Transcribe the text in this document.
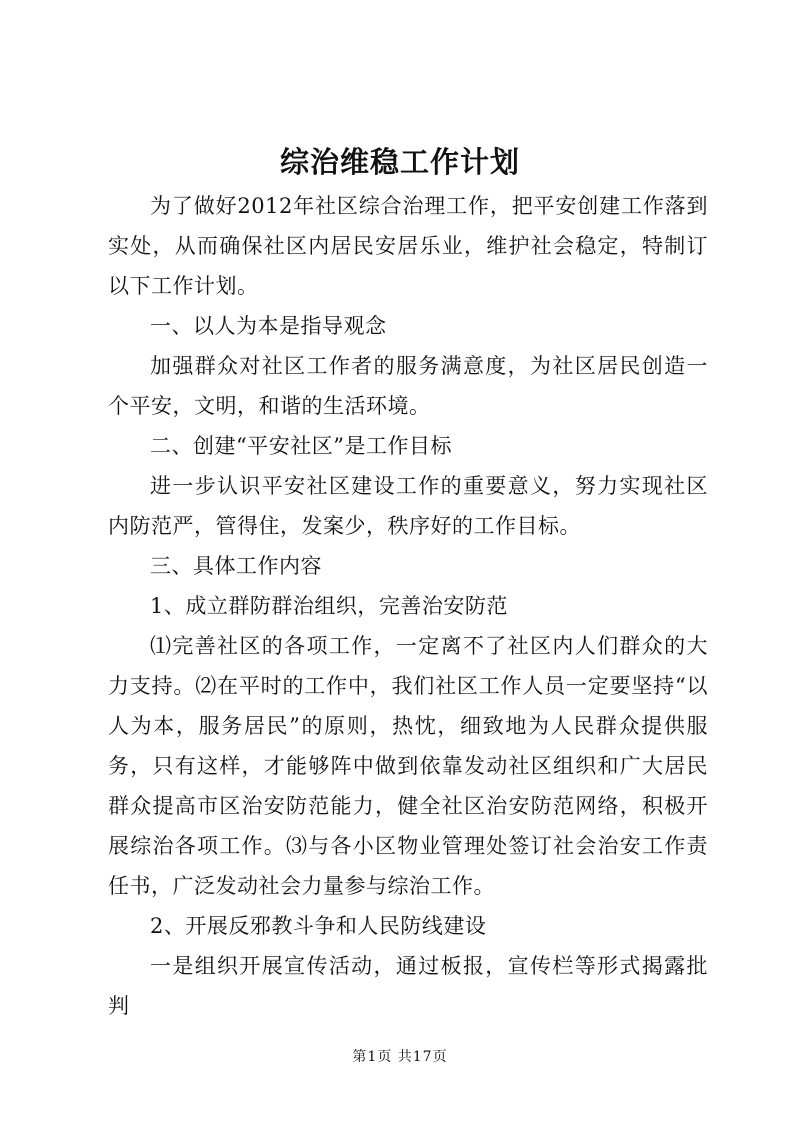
综治维稳工作计划

为了做好2012年社区综合治理工作，把平安创建工作落到实处，从而确保社区内居民安居乐业，维护社会稳定，特制订以下工作计划。

一、以人为本是指导观念

加强群众对社区工作者的服务满意度，为社区居民创造一个平安，文明，和谐的生活环境。

二、创建“平安社区”是工作目标

进一步认识平安社区建设工作的重要意义，努力实现社区内防范严，管得住，发案少，秩序好的工作目标。

三、具体工作内容

1、成立群防群治组织，完善治安防范

⑴完善社区的各项工作，一定离不了社区内人们群众的大力支持。⑵在平时的工作中，我们社区工作人员一定要坚持“以人为本，服务居民”的原则，热忱，细致地为人民群众提供服务，只有这样，才能够阵中做到依靠发动社区组织和广大居民群众提高市区治安防范能力，健全社区治安防范网络，积极开展综治各项工作。⑶与各小区物业管理处签订社会治安工作责任书，广泛发动社会力量参与综治工作。

2、开展反邪教斗争和人民防线建设

一是组织开展宣传活动，通过板报，宣传栏等形式揭露批判

第1页 共17页
